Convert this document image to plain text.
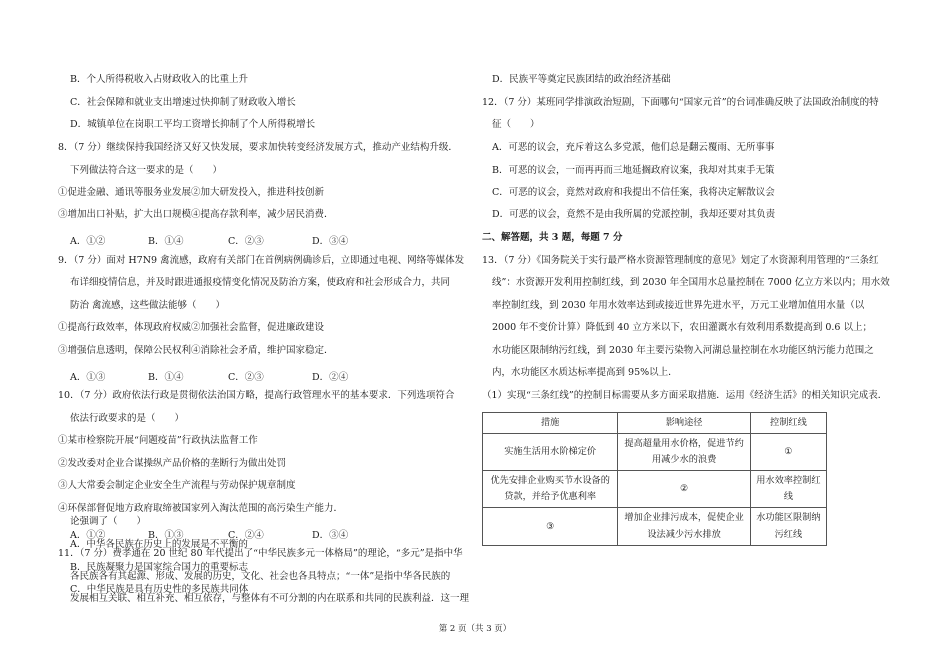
B．个人所得税收入占财政收入的比重上升
C．社会保障和就业支出增速过快抑制了财政收入增长
D．城镇单位在岗职工平均工资增长抑制了个人所得税增长
8．（7 分）继续保持我国经济又好又快发展，要求加快转变经济发展方式，推动产业结构升级．
下列做法符合这一要求的是（　　）
①促进金融、通讯等服务业发展②加大研发投入，推进科技创新
③增加出口补贴，扩大出口规模④提高存款利率，减少居民消费．
A．①②	B．①④	C．②③	D．③④
9．（7 分）面对 H7N9 禽流感，政府有关部门在首例病例确诊后，立即通过电视、网络等媒体发
布详细疫情信息，并及时跟进通报疫情变化情况及防治方案，使政府和社会形成合力，共同
防治 禽流感，这些做法能够（　　）
①提高行政效率，体现政府权威②加强社会监督，促进廉政建设
③增强信息透明，保障公民权利④消除社会矛盾，维护国家稳定．
A．①③	B．①④	C．②③	D．②④
10．（7 分）政府依法行政是贯彻依法治国方略，提高行政管理水平的基本要求．下列选项符合
依法行政要求的是（　　）
①某市检察院开展“问题疫苗”行政执法监督工作
②发改委对企业合谋操纵产品价格的垄断行为做出处罚
③人大常委会制定企业安全生产流程与劳动保护规章制度
④环保部督促地方政府取缔被国家列入淘汰范围的高污染生产能力．
A．①②	B．①③	C．②④	D．③④
11．（7 分）费孝通在 20 世纪 80 年代提出了“中华民族多元一体格局”的理论，“多元”是指中华
各民族各有其起源、形成、发展的历史，文化、社会也各具特点；“一体”是指中华各民族的
发展相互关联、相互补充、相互依存，与整体有不可分割的内在联系和共同的民族利益．这一理
论强调了（　　）
A．中华各民族在历史上的发展是不平衡的
B．民族凝聚力是国家综合国力的重要标志
C．中华民族是具有历史性的多民族共同体
D．民族平等奠定民族团结的政治经济基础
12．（7 分）某班同学排演政治短剧，下面哪句“国家元首”的台词准确反映了法国政治制度的特
征（　　）
A．可恶的议会，充斥着这么多党派，他们总是翻云覆雨、无所事事
B．可恶的议会，一而再再而三地延搁政府议案，我却对其束手无策
C．可恶的议会，竟然对政府和我提出不信任案，我将决定解散议会
D．可恶的议会，竟然不是由我所属的党派控制，我却还要对其负责
二、解答题，共 3 题，每题 7 分
13．（7 分）《国务院关于实行最严格水资源管理制度的意见》划定了水资源利用管理的“三条红
线”：水资源开发利用控制红线，到 2030 年全国用水总量控制在 7000 亿立方米以内；用水效
率控制红线，到 2030 年用水效率达到或接近世界先进水平，万元工业增加值用水量（以
2000 年不变价计算）降低到 40 立方米以下，农田灌溉水有效利用系数提高到 0.6 以上；
水功能区限制纳污红线，到 2030 年主要污染物入河湖总量控制在水功能区纳污能力范围之
内，水功能区水质达标率提高到 95%以上．
（1）实现“三条红线”的控制目标需要从多方面采取措施．运用《经济生活》的相关知识完成表．
措施	影响途径	控制红线
实施生活用水阶梯定价	提高超量用水价格，促进节约用减少水的浪费	①
优先安排企业购买节水设备的贷款，并给予优惠利率	②	用水效率控制红线
③	增加企业排污成本，促使企业设法减少污水排放	水功能区限制纳污红线
第 2 页（共 3 页）
